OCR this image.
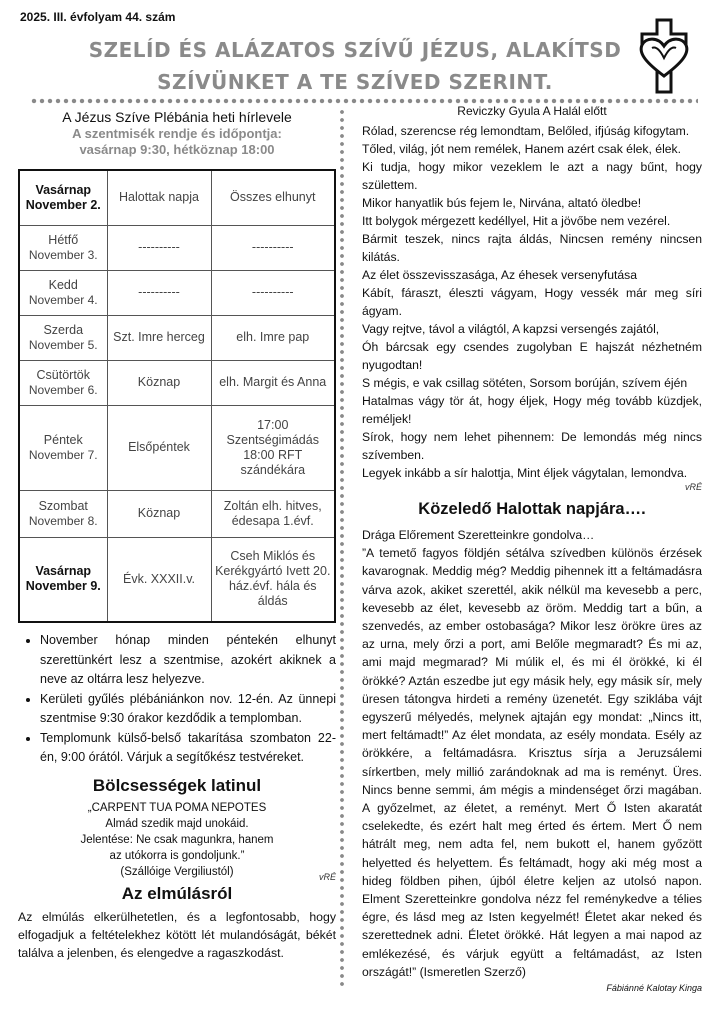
2025. III. évfolyam 44. szám
SZELÍD ÉS ALÁZATOS SZÍVŰ JÉZUS, ALAKÍTSD
SZÍVÜNKET A TE SZÍVED SZERINT.
A Jézus Szíve Plébánia heti hírlevele
A szentmisék rendje és időpontja:
vasárnap 9:30, hétköznap 18:00
Vasárnap
November 2.	Halottak napja	Összes elhunyt

Hétfő
November 3.	----------	----------

Kedd
November 4.	----------	----------

Szerda
November 5.	Szt. Imre herceg	elh. Imre pap

Csütörtök
November 6.	Köznap	elh. Margit és Anna

Péntek
November 7.	Elsőpéntek	17:00 Szentségimádás 18:00 RFT szándékára

Szombat
November 8.	Köznap	Zoltán elh. hitves, édesapa 1.évf.

Vasárnap
November 9.	Évk. XXXII.v.	Cseh Miklós és Kerékgyártó Ivett 20. ház.évf. hála és áldás
• November hónap minden péntekén elhunyt szerettünkért lesz a szentmise, azokért akiknek a neve az oltárra lesz helyezve.
• Kerületi gyűlés plébániánkon nov. 12-én. Az ünnepi szentmise 9:30 órakor kezdődik a templomban.
• Templomunk külső-belső takarítása szombaton 22-én, 9:00 órától. Várjuk a segítőkész testvéreket.
Bölcsességek latinul
„CARPENT TUA POMA NEPOTES
Almád szedik majd unokáid.
Jelentése: Ne csak magunkra, hanem
az utókorra is gondoljunk.”
(Szállóige Vergiliustól)	vRÉ
Az elmúlásról
Az elmúlás elkerülhetetlen, és a legfontosabb, hogy elfogadjuk a feltételekhez kötött lét mulandóságát, békét találva a jelenben, és elengedve a ragaszkodást.
Reviczky Gyula A Halál előtt

Rólad, szerencse rég lemondtam, Belőled, ifjúság kifogytam.

Tőled, világ, jót nem remélek, Hanem azért csak élek, élek.

Ki tudja, hogy mikor vezeklem le azt a nagy bűnt, hogy születtem.

Mikor hanyatlik bús fejem le, Nirvána, altató öledbe!

Itt bolygok mérgezett kedéllyel, Hit a jövőbe nem vezérel.

Bármit teszek, nincs rajta áldás, Nincsen remény nincsen kilátás.

Az élet összevisszasága, Az éhesek versenyfutása

Kábít, fáraszt, éleszti vágyam, Hogy vessék már meg síri ágyam.

Vagy rejtve, távol a világtól, A kapzsi versengés zajától,

Óh bárcsak egy csendes zugolyban E hajszát nézhetném nyugodtan!

S mégis, e vak csillag sötéten, Sorsom borúján, szívem éjén

Hatalmas vágy tör át, hogy éljek, Hogy még tovább küzdjek, reméljek!

Sírok, hogy nem lehet pihennem: De lemondás még nincs szívemben.

Legyek inkább a sír halottja, Mint éljek vágytalan, lemondva.

vRÉ
Közeledő Halottak napjára….
Drága Előrement Szeretteinkre gondolva…
”A temető fagyos földjén sétálva szívedben különös érzések kavarognak. Meddig még? Meddig pihennek itt a feltámadásra várva azok, akiket szerettél, akik nélkül ma kevesebb a perc, kevesebb az élet, kevesebb az öröm. Meddig tart a bűn, a szenvedés, az ember ostobasága? Mikor lesz örökre üres az az urna, mely őrzi a port, ami Belőle megmaradt? És mi az, ami majd megmarad? Mi múlik el, és mi él örökké, ki él örökké? Aztán eszedbe jut egy másik hely, egy másik sír, mely üresen tátongva hirdeti a remény üzenetét. Egy sziklába vájt egyszerű mélyedés, melynek ajtaján egy mondat: „Nincs itt, mert feltámadt!” Az élet mondata, az esély mondata. Esély az örökkére, a feltámadásra. Krisztus sírja a Jeruzsálemi sírkertben, mely millió zarándoknak ad ma is reményt. Üres. Nincs benne semmi, ám mégis a mindenséget őrzi magában. A győzelmet, az életet, a reményt. Mert Ő Isten akaratát cselekedte, és ezért halt meg érted és értem. Mert Ő nem hátrált meg, nem adta fel, nem bukott el, hanem győzött helyetted és helyettem. És feltámadt, hogy aki még most a hideg földben pihen, újból életre keljen az utolsó napon. Elment Szeretteinkre gondolva nézz fel reménykedve a télies égre, és lásd meg az Isten kegyelmét! Életet akar neked és szerettednek adni. Életet örökké. Hát legyen a mai napod az emlékezésé, és várjuk együtt a feltámadást, az Isten országát!” (Ismeretlen Szerző)
Fábiánné Kalotay Kinga
